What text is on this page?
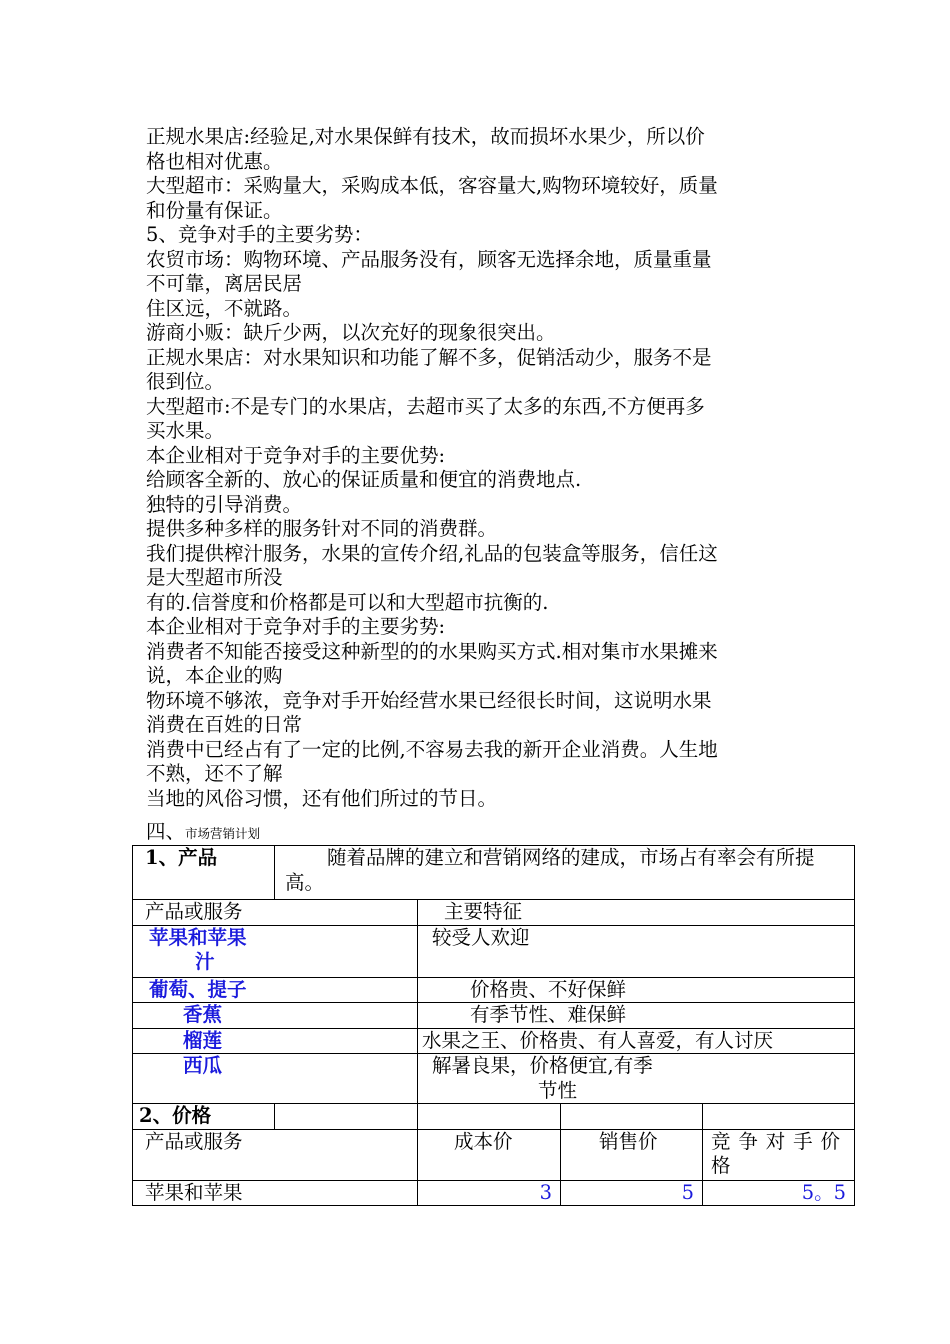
正规水果店:经验足,对水果保鲜有技术，故而损坏水果少，所以价
格也相对优惠。
大型超市：采购量大，采购成本低，客容量大,购物环境较好，质量
和份量有保证。
5、竞争对手的主要劣势：
农贸市场：购物环境、产品服务没有，顾客无选择余地，质量重量
不可靠，离居民居
住区远，不就路。
游商小贩：缺斤少两，以次充好的现象很突出。
正规水果店：对水果知识和功能了解不多，促销活动少，服务不是
很到位。
大型超市:不是专门的水果店，去超市买了太多的东西,不方便再多
买水果。
本企业相对于竞争对手的主要优势:
给顾客全新的、放心的保证质量和便宜的消费地点.
独特的引导消费。
提供多种多样的服务针对不同的消费群。
我们提供榨汁服务，水果的宣传介绍,礼品的包装盒等服务，信任这
是大型超市所没
有的.信誉度和价格都是可以和大型超市抗衡的.
本企业相对于竞争对手的主要劣势:
消费者不知能否接受这种新型的的水果购买方式.相对集市水果摊来
说，本企业的购
物环境不够浓，竞争对手开始经营水果已经很长时间，这说明水果
消费在百姓的日常
消费中已经占有了一定的比例,不容易去我的新开企业消费。人生地
不熟，还不了解
当地的风俗习惯，还有他们所过的节日。
四、市场营销计划
1、产品	随着品牌的建立和营销网络的建成，市场占有率会有所提高。			
产品或服务		主要特征		

苹果和苹果
汁		较受人欢迎		
葡萄、提子		价格贵、不好保鲜		
香蕉		有季节性、难保鲜		
榴莲		水果之王、价格贵、有人喜爱，有人讨厌		
西瓜		解暑良果，价格便宜,有季
节性		

2、价格				
产品或服务		成本价	销售价	竞争对手价格
苹果和苹果		3	5	5。5
